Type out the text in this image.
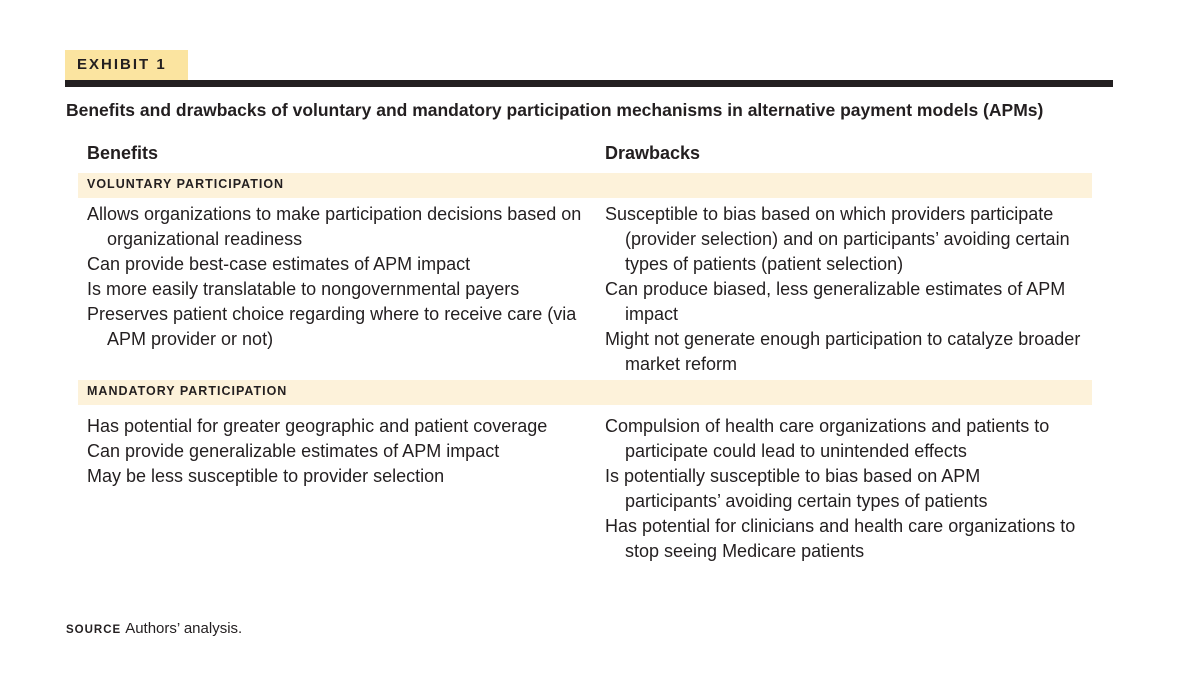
EXHIBIT 1
Benefits and drawbacks of voluntary and mandatory participation mechanisms in alternative payment models (APMs)
Benefits	Drawbacks
VOLUNTARY PARTICIPATION
Allows organizations to make participation decisions based on organizational readiness
Can provide best-case estimates of APM impact
Is more easily translatable to nongovernmental payers
Preserves patient choice regarding where to receive care (via APM provider or not)
Susceptible to bias based on which providers participate (provider selection) and on participants’ avoiding certain types of patients (patient selection)
Can produce biased, less generalizable estimates of APM impact
Might not generate enough participation to catalyze broader market reform
MANDATORY PARTICIPATION
Has potential for greater geographic and patient coverage
Can provide generalizable estimates of APM impact
May be less susceptible to provider selection
Compulsion of health care organizations and patients to participate could lead to unintended effects
Is potentially susceptible to bias based on APM participants’ avoiding certain types of patients
Has potential for clinicians and health care organizations to stop seeing Medicare patients
SOURCE Authors’ analysis.
